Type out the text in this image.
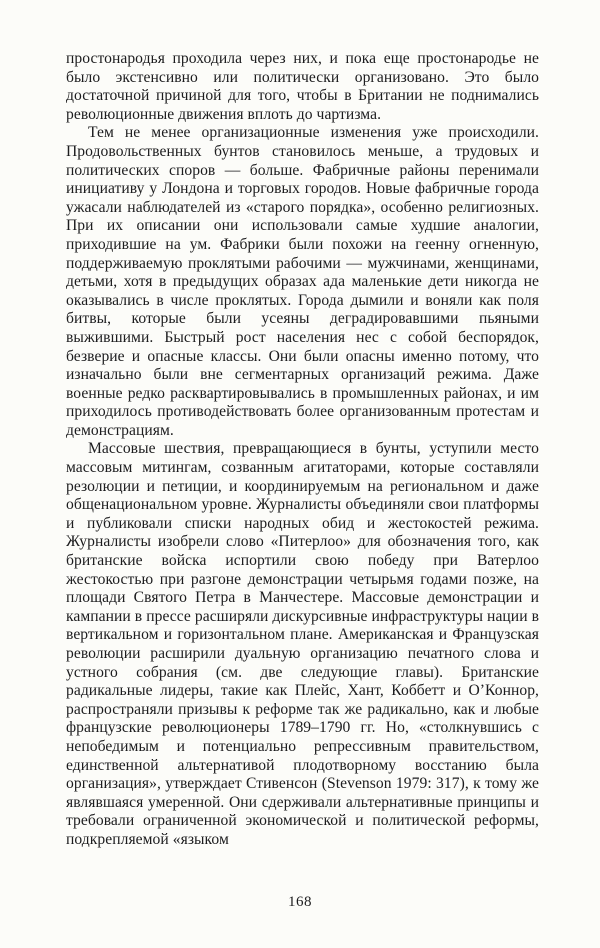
простонародья проходила через них, и пока еще простонародье не было экстенсивно или политически организовано. Это было достаточной причиной для того, чтобы в Британии не поднимались революционные движения вплоть до чартизма.

Тем не менее организационные изменения уже происходили. Продовольственных бунтов становилось меньше, а трудовых и политических споров — больше. Фабричные районы перенимали инициативу у Лондона и торговых городов. Новые фабричные города ужасали наблюдателей из «старого порядка», особенно религиозных. При их описании они использовали самые худшие аналогии, приходившие на ум. Фабрики были похожи на геенну огненную, поддерживаемую проклятыми рабочими — мужчинами, женщинами, детьми, хотя в предыдущих образах ада маленькие дети никогда не оказывались в числе проклятых. Города дымили и воняли как поля битвы, которые были усеяны деградировавшими пьяными выжившими. Быстрый рост населения нес с собой беспорядок, безверие и опасные классы. Они были опасны именно потому, что изначально были вне сегментарных организаций режима. Даже военные редко расквартировывались в промышленных районах, и им приходилось противодействовать более организованным протестам и демонстрациям.

Массовые шествия, превращающиеся в бунты, уступили место массовым митингам, созванным агитаторами, которые составляли резолюции и петиции, и координируемым на региональном и даже общенациональном уровне. Журналисты объединяли свои платформы и публиковали списки народных обид и жестокостей режима. Журналисты изобрели слово «Питерлоо» для обозначения того, как британские войска испортили свою победу при Ватерлоо жестокостью при разгоне демонстрации четырьмя годами позже, на площади Святого Петра в Манчестере. Массовые демонстрации и кампании в прессе расширяли дискурсивные инфраструктуры нации в вертикальном и горизонтальном плане. Американская и Французская революции расширили дуальную организацию печатного слова и устного собрания (см. две следующие главы). Британские радикальные лидеры, такие как Плейс, Хант, Коббетт и О’Коннор, распространяли призывы к реформе так же радикально, как и любые французские революционеры 1789–1790 гг. Но, «столкнувшись с непобедимым и потенциально репрессивным правительством, единственной альтернативой плодотворному восстанию была организация», утверждает Стивенсон (Stevenson 1979: 317), к тому же являвшаяся умеренной. Они сдерживали альтернативные принципы и требовали ограниченной экономической и политической реформы, подкрепляемой «языком

168
